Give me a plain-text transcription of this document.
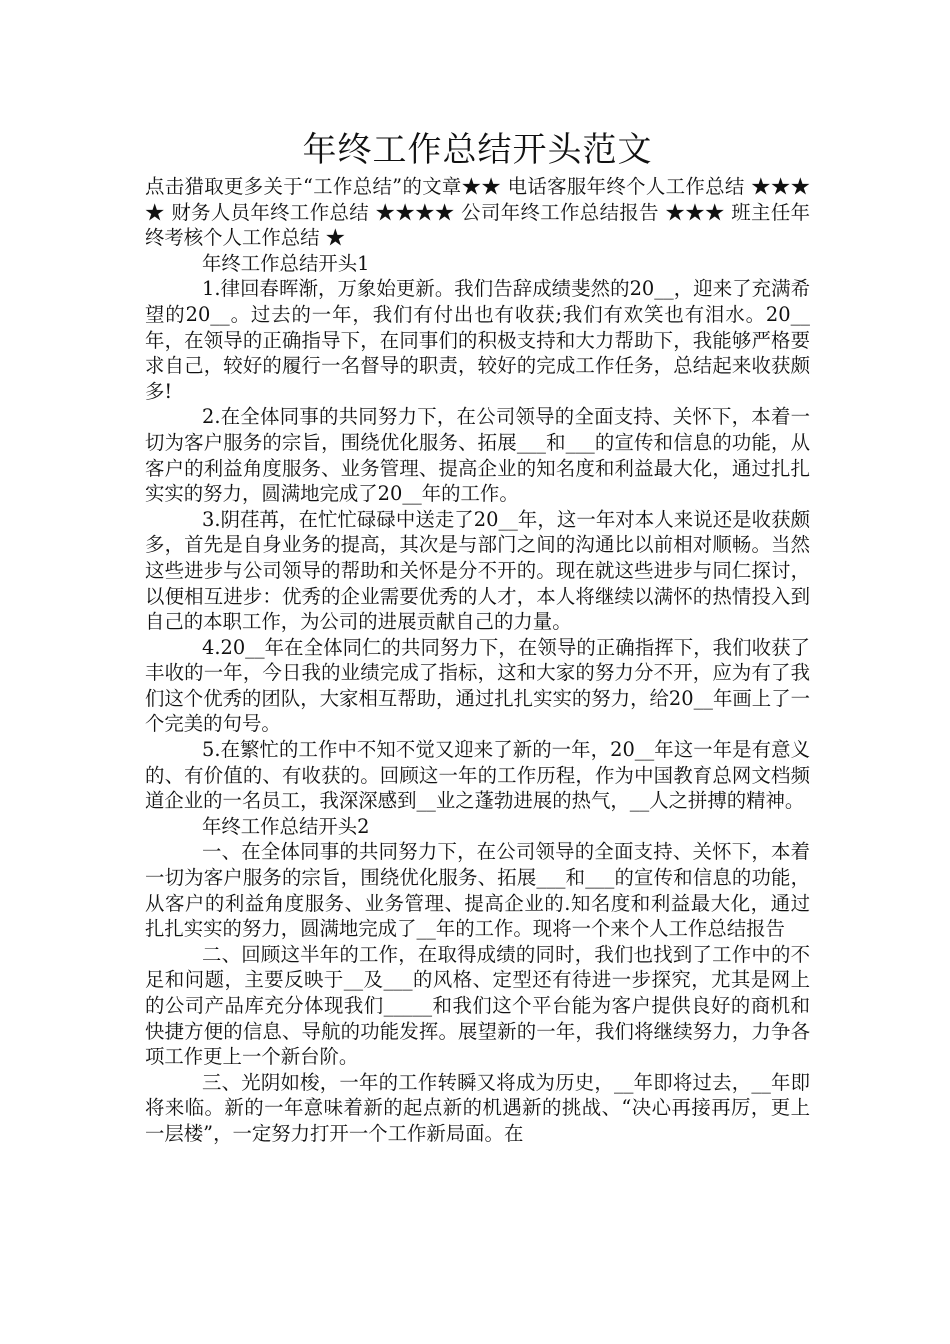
年终工作总结开头范文

点击猎取更多关于“工作总结”的文章★★ 电话客服年终个人工作总结 ★★★★ 财务人员年终工作总结 ★★★★ 公司年终工作总结报告 ★★★ 班主任年终考核个人工作总结 ★

年终工作总结开头1

1.律回春晖渐，万象始更新。我们告辞成绩斐然的20__，迎来了充满希望的20__。过去的一年，我们有付出也有收获;我们有欢笑也有泪水。20__年，在领导的正确指导下，在同事们的积极支持和大力帮助下，我能够严格要求自己，较好的履行一名督导的职责，较好的完成工作任务，总结起来收获颇多!

2.在全体同事的共同努力下，在公司领导的全面支持、关怀下，本着一切为客户服务的宗旨，围绕优化服务、拓展___和___的宣传和信息的功能，从客户的利益角度服务、业务管理、提高企业的知名度和利益最大化，通过扎扎实实的努力，圆满地完成了20__年的工作。

3.阴荏苒，在忙忙碌碌中送走了20__年，这一年对本人来说还是收获颇多，首先是自身业务的提高，其次是与部门之间的沟通比以前相对顺畅。当然这些进步与公司领导的帮助和关怀是分不开的。现在就这些进步与同仁探讨，以便相互进步：优秀的企业需要优秀的人才，本人将继续以满怀的热情投入到自己的本职工作，为公司的进展贡献自己的力量。

4.20__年在全体同仁的共同努力下，在领导的正确指挥下，我们收获了丰收的一年，今日我的业绩完成了指标，这和大家的努力分不开，应为有了我们这个优秀的团队，大家相互帮助，通过扎扎实实的努力，给20__年画上了一个完美的句号。

5.在繁忙的工作中不知不觉又迎来了新的一年，20__年这一年是有意义的、有价值的、有收获的。回顾这一年的工作历程，作为中国教育总网文档频道企业的一名员工，我深深感到__业之蓬勃进展的热气，__人之拼搏的精神。

年终工作总结开头2

一、在全体同事的共同努力下，在公司领导的全面支持、关怀下，本着一切为客户服务的宗旨，围绕优化服务、拓展___和___的宣传和信息的功能，从客户的利益角度服务、业务管理、提高企业的.知名度和利益最大化，通过扎扎实实的努力，圆满地完成了__年的工作。现将一个来个人工作总结报告

二、回顾这半年的工作，在取得成绩的同时，我们也找到了工作中的不足和问题，主要反映于__及___的风格、定型还有待进一步探究，尤其是网上的公司产品库充分体现我们_____和我们这个平台能为客户提供良好的商机和快捷方便的信息、导航的功能发挥。展望新的一年，我们将继续努力，力争各项工作更上一个新台阶。

三、光阴如梭，一年的工作转瞬又将成为历史，__年即将过去，__年即将来临。新的一年意味着新的起点新的机遇新的挑战、“决心再接再厉，更上一层楼”，一定努力打开一个工作新局面。在
